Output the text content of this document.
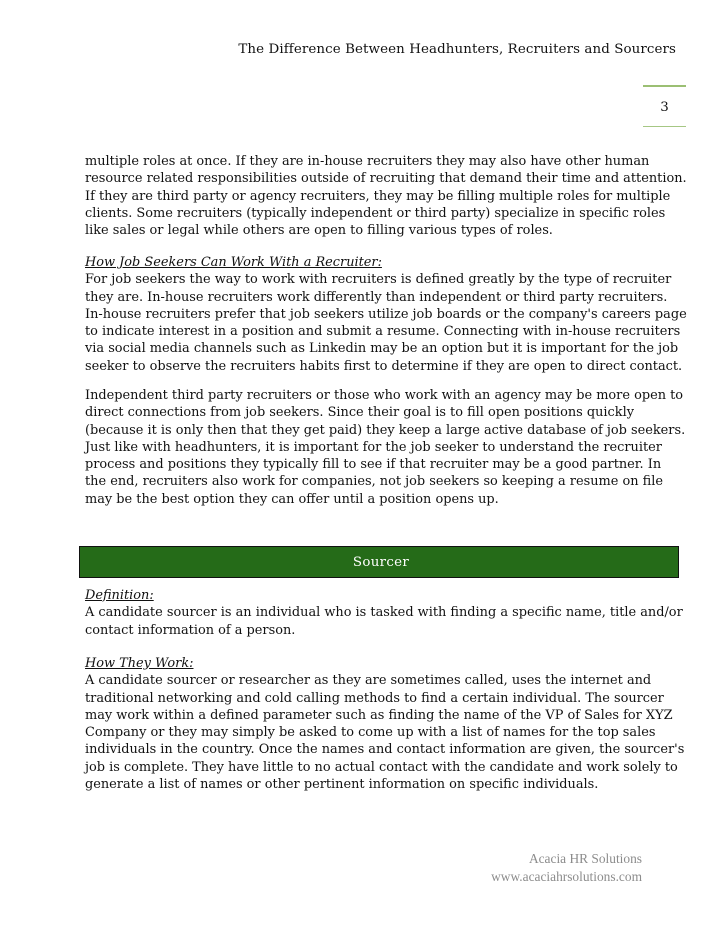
The Difference Between Headhunters, Recruiters and Sourcers
3
multiple roles at once. If they are in-house recruiters they may also have other human
resource related responsibilities outside of recruiting that demand their time and attention.
If they are third party or agency recruiters, they may be filling multiple roles for multiple
clients. Some recruiters (typically independent or third party) specialize in specific roles
like sales or legal while others are open to filling various types of roles.
How Job Seekers Can Work With a Recruiter:
For job seekers the way to work with recruiters is defined greatly by the type of recruiter
they are. In-house recruiters work differently than independent or third party recruiters.
In-house recruiters prefer that job seekers utilize job boards or the company's careers page
to indicate interest in a position and submit a resume. Connecting with in-house recruiters
via social media channels such as Linkedin may be an option but it is important for the job
seeker to observe the recruiters habits first to determine if they are open to direct contact.
Independent third party recruiters or those who work with an agency may be more open to
direct connections from job seekers. Since their goal is to fill open positions quickly
(because it is only then that they get paid) they keep a large active database of job seekers.
Just like with headhunters, it is important for the job seeker to understand the recruiter
process and positions they typically fill to see if that recruiter may be a good partner. In
the end, recruiters also work for companies, not job seekers so keeping a resume on file
may be the best option they can offer until a position opens up.
Sourcer
Definition:
A candidate sourcer is an individual who is tasked with finding a specific name, title and/or
contact information of a person.
How They Work:
A candidate sourcer or researcher as they are sometimes called, uses the internet and
traditional networking and cold calling methods to find a certain individual. The sourcer
may work within a defined parameter such as finding the name of the VP of Sales for XYZ
Company or they may simply be asked to come up with a list of names for the top sales
individuals in the country. Once the names and contact information are given, the sourcer's
job is complete. They have little to no actual contact with the candidate and work solely to
generate a list of names or other pertinent information on specific individuals.
Acacia HR Solutions
www.acaciahrsolutions.com
